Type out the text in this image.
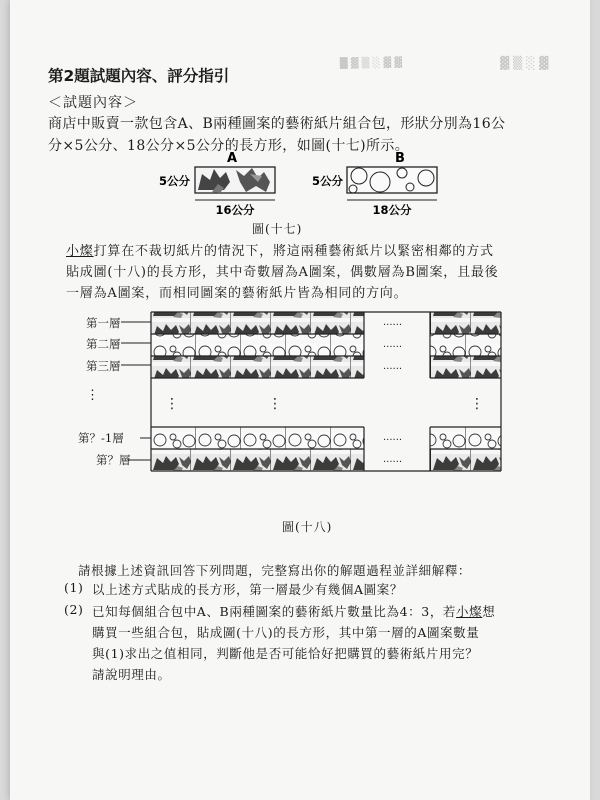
█ ▓ ▒ ░ ▓ ▓	▓ ▒ ░ ▓
第2題試題內容、評分指引
＜試題內容＞
商店中販賣一款包含A、B兩種圖案的藝術紙片組合包，形狀分別為16公
分×5公分、18公分×5公分的長方形，如圖(十七)所示。
A
5公分
16公分
B
5公分
18公分
圖(十七)
小燦打算在不裁切紙片的情況下，將這兩種藝術紙片以緊密相鄰的方式
貼成圖(十八)的長方形，其中奇數層為A圖案，偶數層為B圖案，且最後
一層為A圖案，而相同圖案的藝術紙片皆為相同的方向。
第一層
第二層
第三層
⋮
第？-1層
第？層
......
......
......
......
......
⋮	⋮	⋮
圖(十八)
請根據上述資訊回答下列問題，完整寫出你的解題過程並詳細解釋：
(1) 以上述方式貼成的長方形，第一層最少有幾個A圖案？
(2) 已知每個組合包中A、B兩種圖案的藝術紙片數量比為4：3，若小燦想
購買一些組合包，貼成圖(十八)的長方形，其中第一層的A圖案數量
與(1)求出之值相同，判斷他是否可能恰好把購買的藝術紙片用完？
請說明理由。
